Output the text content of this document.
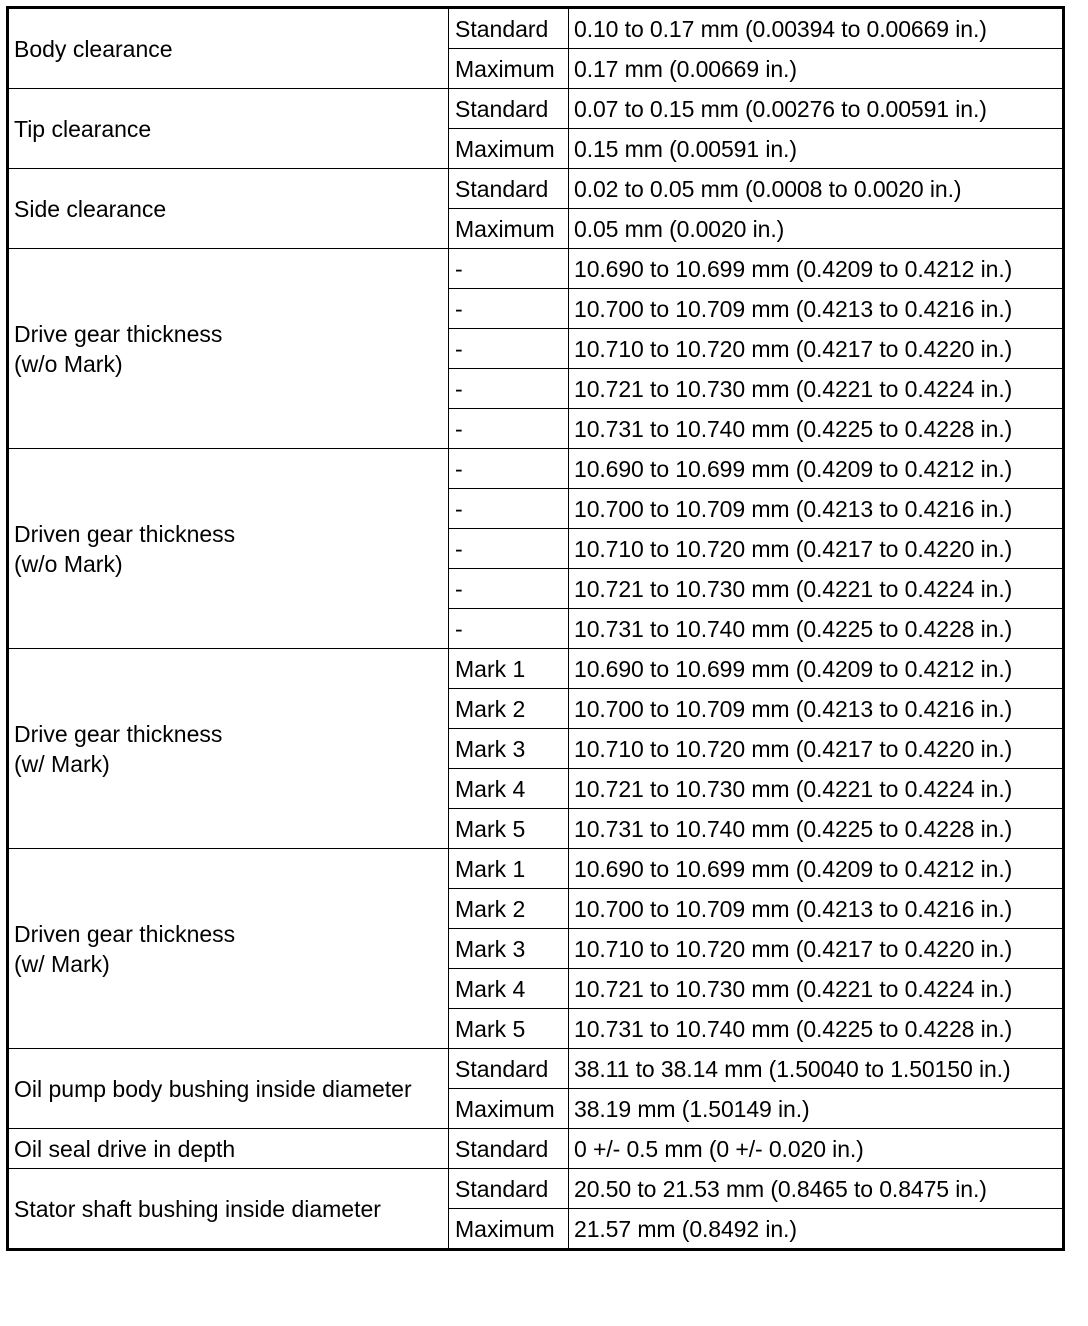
Body clearance	Standard	0.10 to 0.17 mm (0.00394 to 0.00669 in.)
	Maximum	0.17 mm (0.00669 in.)

Tip clearance	Standard	0.07 to 0.15 mm (0.00276 to 0.00591 in.)
	Maximum	0.15 mm (0.00591 in.)

Side clearance	Standard	0.02 to 0.05 mm (0.0008 to 0.0020 in.)
	Maximum	0.05 mm (0.0020 in.)

Drive gear thickness
(w/o Mark)	-	10.690 to 10.699 mm (0.4209 to 0.4212 in.)
	-	10.700 to 10.709 mm (0.4213 to 0.4216 in.)
	-	10.710 to 10.720 mm (0.4217 to 0.4220 in.)
	-	10.721 to 10.730 mm (0.4221 to 0.4224 in.)
	-	10.731 to 10.740 mm (0.4225 to 0.4228 in.)

Driven gear thickness
(w/o Mark)	-	10.690 to 10.699 mm (0.4209 to 0.4212 in.)
	-	10.700 to 10.709 mm (0.4213 to 0.4216 in.)
	-	10.710 to 10.720 mm (0.4217 to 0.4220 in.)
	-	10.721 to 10.730 mm (0.4221 to 0.4224 in.)
	-	10.731 to 10.740 mm (0.4225 to 0.4228 in.)

Drive gear thickness
(w/ Mark)	Mark 1	10.690 to 10.699 mm (0.4209 to 0.4212 in.)
	Mark 2	10.700 to 10.709 mm (0.4213 to 0.4216 in.)
	Mark 3	10.710 to 10.720 mm (0.4217 to 0.4220 in.)
	Mark 4	10.721 to 10.730 mm (0.4221 to 0.4224 in.)
	Mark 5	10.731 to 10.740 mm (0.4225 to 0.4228 in.)

Driven gear thickness
(w/ Mark)	Mark 1	10.690 to 10.699 mm (0.4209 to 0.4212 in.)
	Mark 2	10.700 to 10.709 mm (0.4213 to 0.4216 in.)
	Mark 3	10.710 to 10.720 mm (0.4217 to 0.4220 in.)
	Mark 4	10.721 to 10.730 mm (0.4221 to 0.4224 in.)
	Mark 5	10.731 to 10.740 mm (0.4225 to 0.4228 in.)

Oil pump body bushing inside diameter	Standard	38.11 to 38.14 mm (1.50040 to 1.50150 in.)
	Maximum	38.19 mm (1.50149 in.)

Oil seal drive in depth	Standard	0 +/- 0.5 mm (0 +/- 0.020 in.)

Stator shaft bushing inside diameter	Standard	20.50 to 21.53 mm (0.8465 to 0.8475 in.)
	Maximum	21.57 mm (0.8492 in.)
